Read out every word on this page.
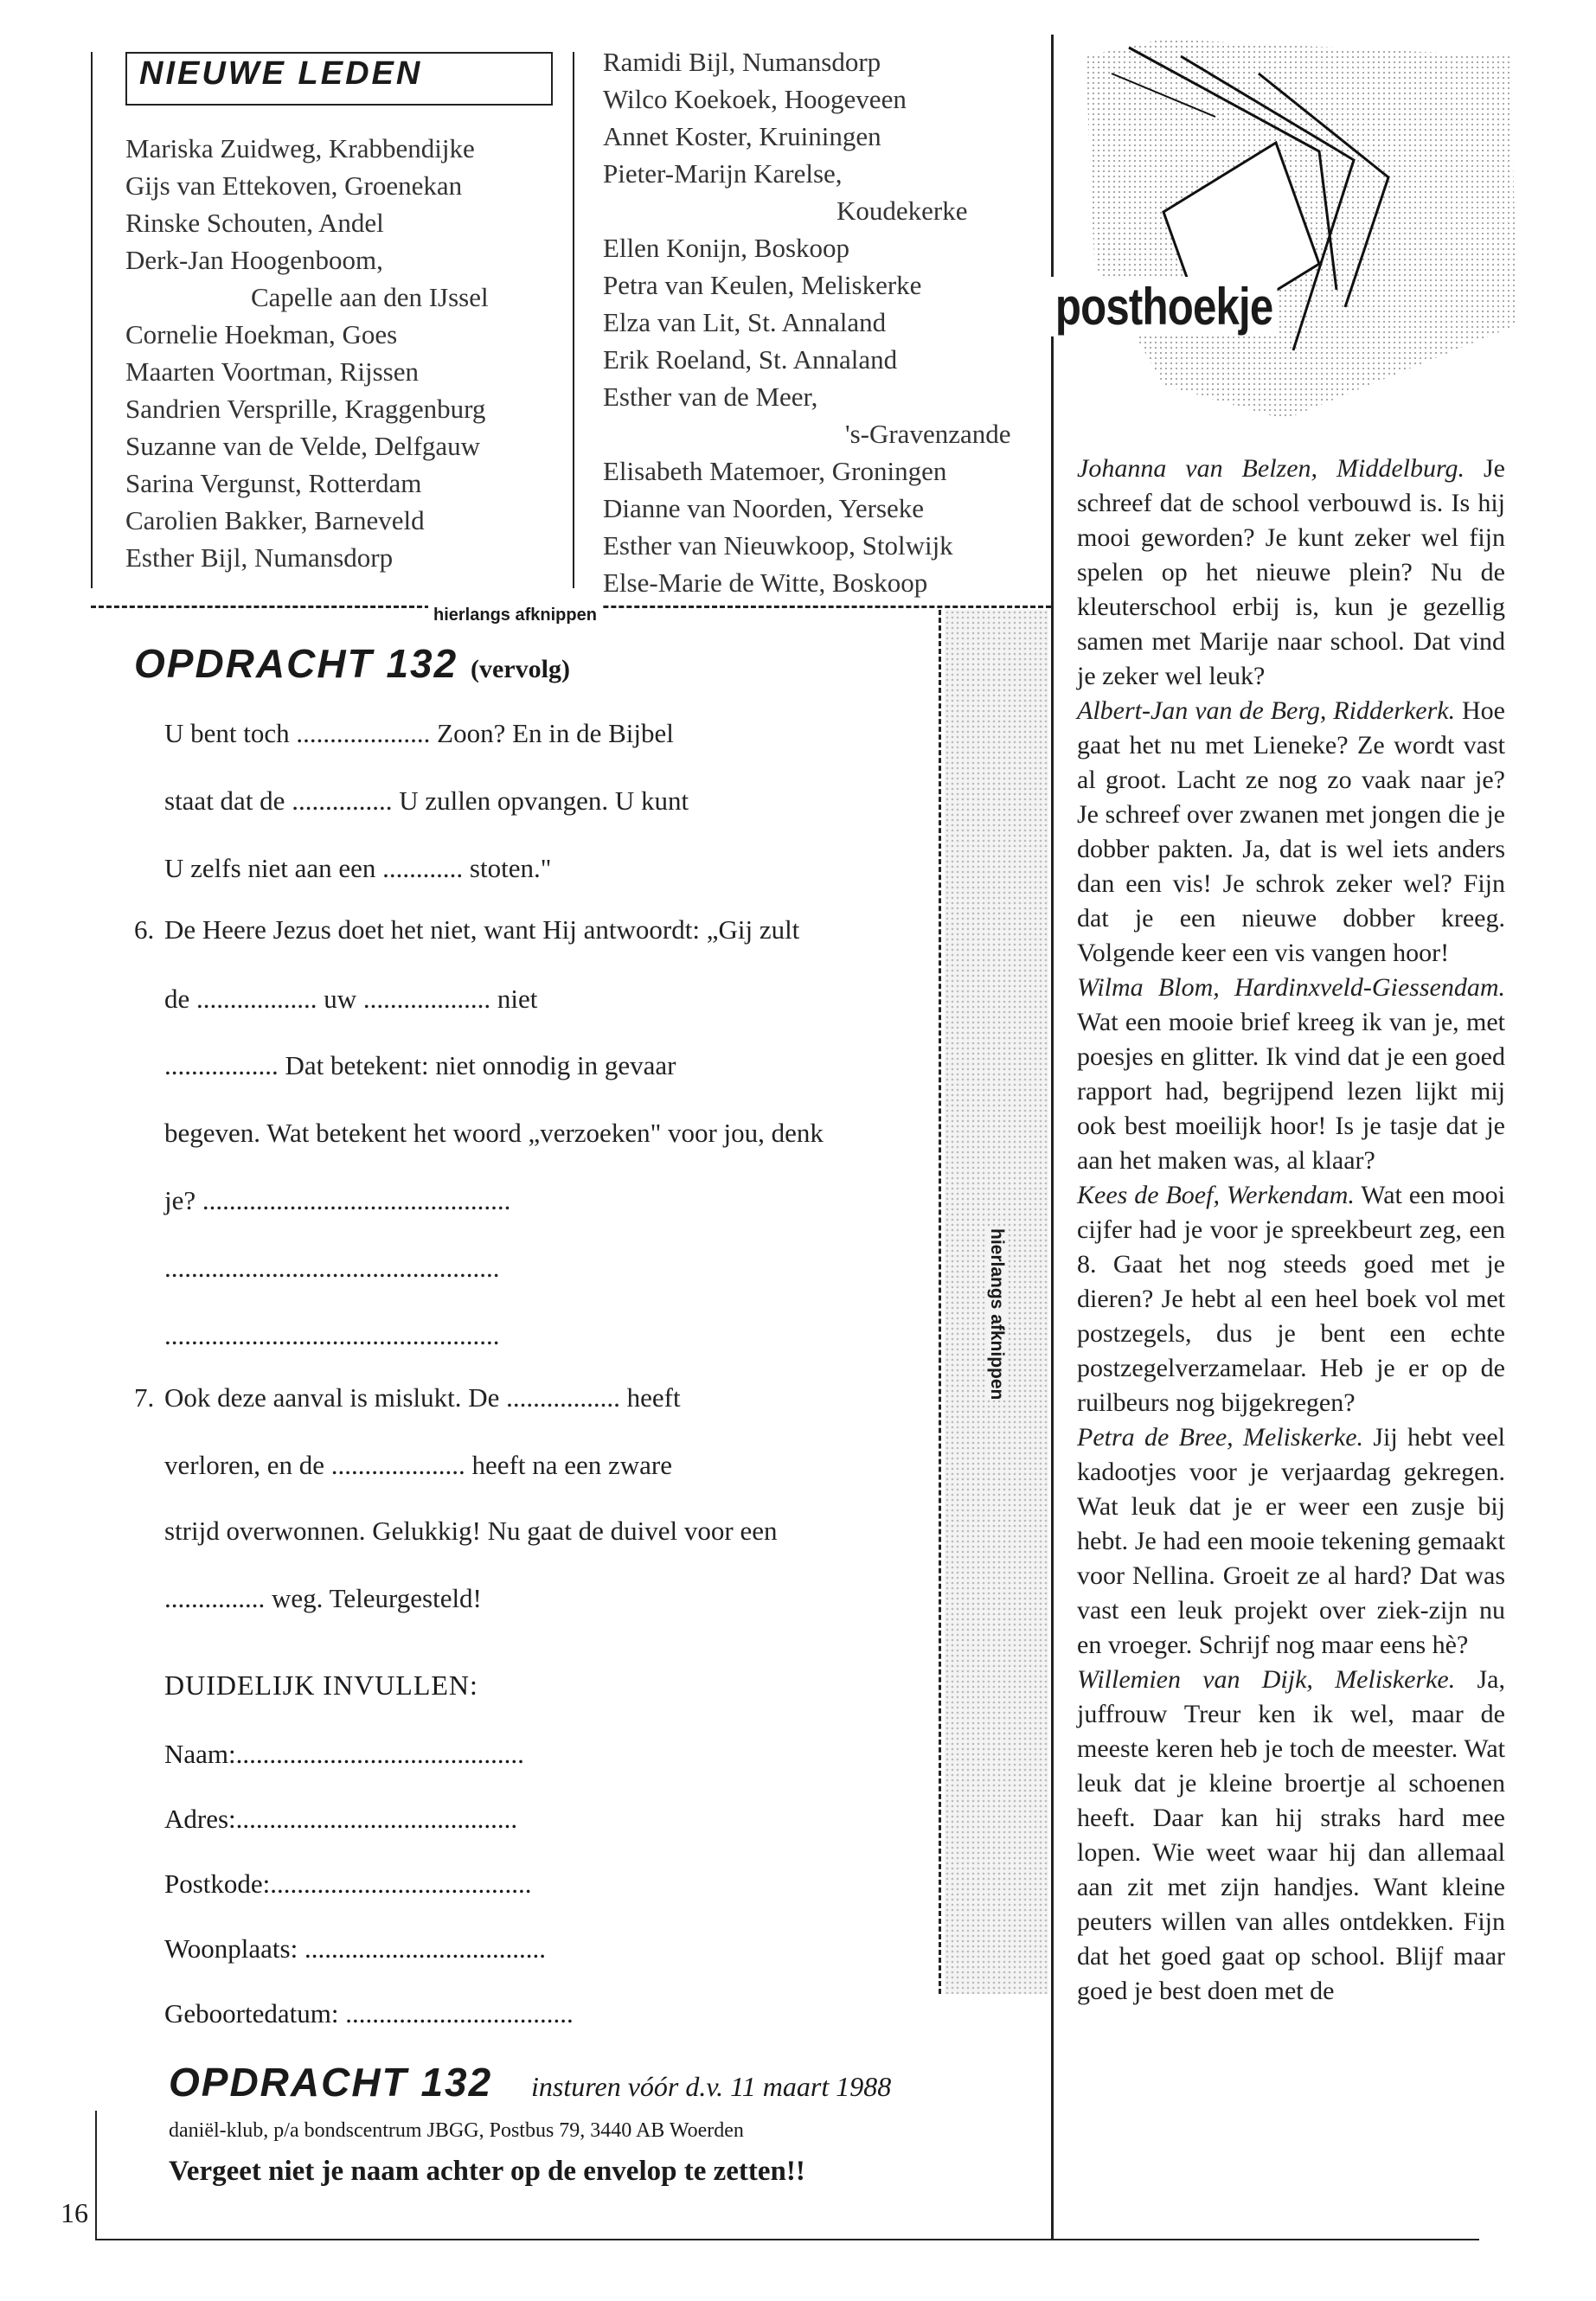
16
NIEUWE LEDEN
Mariska Zuidweg, Krabbendijke
Gijs van Ettekoven, Groenekan
Rinske Schouten, Andel
Derk-Jan Hoogenboom,
Capelle aan den IJssel
Cornelie Hoekman, Goes
Maarten Voortman, Rijssen
Sandrien Versprille, Kraggenburg
Suzanne van de Velde, Delfgauw
Sarina Vergunst, Rotterdam
Carolien Bakker, Barneveld
Esther Bijl, Numansdorp
Ramidi Bijl, Numansdorp
Wilco Koekoek, Hoogeveen
Annet Koster, Kruiningen
Pieter-Marijn Karelse,
Koudekerke
Ellen Konijn, Boskoop
Petra van Keulen, Meliskerke
Elza van Lit, St. Annaland
Erik Roeland, St. Annaland
Esther van de Meer,
's-Gravenzande
Elisabeth Matemoer, Groningen
Dianne van Noorden, Yerseke
Esther van Nieuwkoop, Stolwijk
Else-Marie de Witte, Boskoop
hierlangs afknippen
hierlangs afknippen
OPDRACHT 132 (vervolg)
U bent toch .................... Zoon? En in de Bijbel
staat dat de ............... U zullen opvangen. U kunt
U zelfs niet aan een ............ stoten."
6. De Heere Jezus doet het niet, want Hij antwoordt: „Gij zult
de .................. uw ................... niet
................. Dat betekent: niet onnodig in gevaar
begeven. Wat betekent het woord „verzoeken" voor jou, denk
je? ..............................................
..................................................
..................................................
7. Ook deze aanval is mislukt. De ................. heeft
verloren, en de .................... heeft na een zware
strijd overwonnen. Gelukkig! Nu gaat de duivel voor een
............... weg. Teleurgesteld!
DUIDELIJK INVULLEN:
Naam:...........................................
Adres:..........................................
Postkode:.......................................
Woonplaats: ....................................
Geboortedatum: ..................................
OPDRACHT 132 insturen vóór d.v. 11 maart 1988
daniël-klub, p/a bondscentrum JBGG, Postbus 79, 3440 AB Woerden
Vergeet niet je naam achter op de envelop te zetten!!
posthoekje

Johanna van Belzen, Middelburg. Je schreef dat de school verbouwd is. Is hij mooi geworden? Je kunt zeker wel fijn spelen op het nieuwe plein? Nu de kleuterschool erbij is, kun je gezellig samen met Marije naar school. Dat vind je zeker wel leuk?

Albert-Jan van de Berg, Ridderkerk. Hoe gaat het nu met Lieneke? Ze wordt vast al groot. Lacht ze nog zo vaak naar je? Je schreef over zwanen met jongen die je dobber pakten. Ja, dat is wel iets anders dan een vis! Je schrok zeker wel? Fijn dat je een nieuwe dobber kreeg. Volgende keer een vis vangen hoor!

Wilma Blom, Hardinxveld-Giessendam. Wat een mooie brief kreeg ik van je, met poesjes en glitter. Ik vind dat je een goed rapport had, begrijpend lezen lijkt mij ook best moeilijk hoor! Is je tasje dat je aan het maken was, al klaar?

Kees de Boef, Werkendam. Wat een mooi cijfer had je voor je spreekbeurt zeg, een 8. Gaat het nog steeds goed met je dieren? Je hebt al een heel boek vol met postzegels, dus je bent een echte postzegelverzamelaar. Heb je er op de ruilbeurs nog bijgekregen?

Petra de Bree, Meliskerke. Jij hebt veel kadootjes voor je verjaardag gekregen. Wat leuk dat je er weer een zusje bij hebt. Je had een mooie tekening gemaakt voor Nellina. Groeit ze al hard? Dat was vast een leuk projekt over ziek-zijn nu en vroeger. Schrijf nog maar eens hè?

Willemien van Dijk, Meliskerke. Ja, juffrouw Treur ken ik wel, maar de meeste keren heb je toch de meester. Wat leuk dat je kleine broertje al schoenen heeft. Daar kan hij straks hard mee lopen. Wie weet waar hij dan allemaal aan zit met zijn handjes. Want kleine peuters willen van alles ontdekken. Fijn dat het goed gaat op school. Blijf maar goed je best doen met de
